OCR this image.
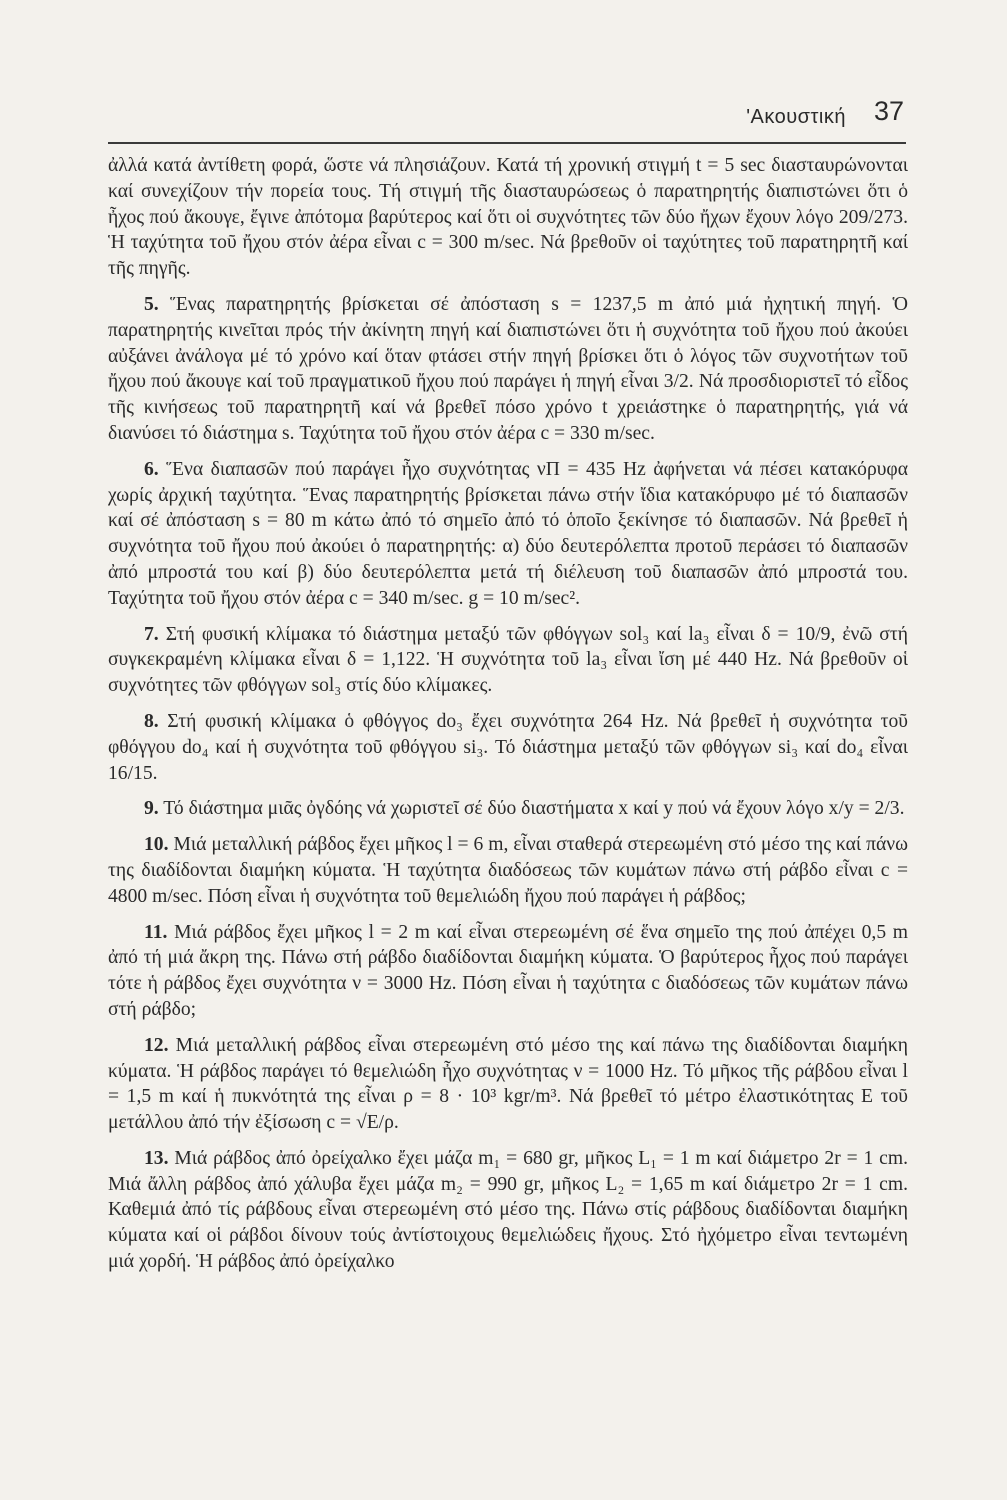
'Ακουστική 37

ἀλλά κατά ἀντίθετη φορά, ὥστε νά πλησιάζουν. Κατά τή χρονική στιγμή t = 5 sec διασταυρώνονται καί συνεχίζουν τήν πορεία τους. Τή στιγμή τῆς διασταυρώσεως ὁ παρατηρητής διαπιστώνει ὅτι ὁ ἦχος πού ἄκουγε, ἔγινε ἀπότομα βαρύτερος καί ὅτι οἱ συχνότητες τῶν δύο ἤχων ἔχουν λόγο 209/273. Ἡ ταχύτητα τοῦ ἤχου στόν ἀέρα εἶναι c = 300 m/sec. Νά βρεθοῦν οἱ ταχύτητες τοῦ παρατηρητῆ καί τῆς πηγῆς.

5. Ἕνας παρατηρητής βρίσκεται σέ ἀπόσταση s = 1237,5 m ἀπό μιά ἠχητική πηγή. Ὁ παρατηρητής κινεῖται πρός τήν ἀκίνητη πηγή καί διαπιστώνει ὅτι ἡ συχνότητα τοῦ ἤχου πού ἀκούει αὐξάνει ἀνάλογα μέ τό χρόνο καί ὅταν φτάσει στήν πηγή βρίσκει ὅτι ὁ λόγος τῶν συχνοτήτων τοῦ ἤχου πού ἄκουγε καί τοῦ πραγματικοῦ ἤχου πού παράγει ἡ πηγή εἶναι 3/2. Νά προσδιοριστεῖ τό εἶδος τῆς κινήσεως τοῦ παρατηρητῆ καί νά βρεθεῖ πόσο χρόνο t χρειάστηκε ὁ παρατηρητής, γιά νά διανύσει τό διάστημα s. Ταχύτητα τοῦ ἤχου στόν ἀέρα c = 330 m/sec.

6. Ἕνα διαπασῶν πού παράγει ἦχο συχνότητας νΠ = 435 Hz ἀφήνεται νά πέσει κατακόρυφα χωρίς ἀρχική ταχύτητα. Ἕνας παρατηρητής βρίσκεται πάνω στήν ἴδια κατακόρυφο μέ τό διαπασῶν καί σέ ἀπόσταση s = 80 m κάτω ἀπό τό σημεῖο ἀπό τό ὁποῖο ξεκίνησε τό διαπασῶν. Νά βρεθεῖ ἡ συχνότητα τοῦ ἤχου πού ἀκούει ὁ παρατηρητής: α) δύο δευτερόλεπτα προτοῦ περάσει τό διαπασῶν ἀπό μπροστά του καί β) δύο δευτερόλεπτα μετά τή διέλευση τοῦ διαπασῶν ἀπό μπροστά του. Ταχύτητα τοῦ ἤχου στόν ἀέρα c = 340 m/sec. g = 10 m/sec².

7. Στή φυσική κλίμακα τό διάστημα μεταξύ τῶν φθόγγων sol₃ καί la₃ εἶναι δ = 10/9, ἐνῶ στή συγκεκραμένη κλίμακα εἶναι δ = 1,122. Ἡ συχνότητα τοῦ la₃ εἶναι ἴση μέ 440 Hz. Νά βρεθοῦν οἱ συχνότητες τῶν φθόγγων sol₃ στίς δύο κλίμακες.

8. Στή φυσική κλίμακα ὁ φθόγγος do₃ ἔχει συχνότητα 264 Hz. Νά βρεθεῖ ἡ συχνότητα τοῦ φθόγγου do₄ καί ἡ συχνότητα τοῦ φθόγγου si₃. Τό διάστημα μεταξύ τῶν φθόγγων si₃ καί do₄ εἶναι 16/15.

9. Τό διάστημα μιᾶς ὀγδόης νά χωριστεῖ σέ δύο διαστήματα x καί y πού νά ἔχουν λόγο x/y = 2/3.

10. Μιά μεταλλική ράβδος ἔχει μῆκος l = 6 m, εἶναι σταθερά στερεωμένη στό μέσο της καί πάνω της διαδίδονται διαμήκη κύματα. Ἡ ταχύτητα διαδόσεως τῶν κυμάτων πάνω στή ράβδο εἶναι c = 4800 m/sec. Πόση εἶναι ἡ συχνότητα τοῦ θεμελιώδη ἤχου πού παράγει ἡ ράβδος;

11. Μιά ράβδος ἔχει μῆκος l = 2 m καί εἶναι στερεωμένη σέ ἕνα σημεῖο της πού ἀπέχει 0,5 m ἀπό τή μιά ἄκρη της. Πάνω στή ράβδο διαδίδονται διαμήκη κύματα. Ὁ βαρύτερος ἦχος πού παράγει τότε ἡ ράβδος ἔχει συχνότητα ν = 3000 Hz. Πόση εἶναι ἡ ταχύτητα c διαδόσεως τῶν κυμάτων πάνω στή ράβδο;

12. Μιά μεταλλική ράβδος εἶναι στερεωμένη στό μέσο της καί πάνω της διαδίδονται διαμήκη κύματα. Ἡ ράβδος παράγει τό θεμελιώδη ἦχο συχνότητας ν = 1000 Hz. Τό μῆκος τῆς ράβδου εἶναι l = 1,5 m καί ἡ πυκνότητά της εἶναι ρ = 8 · 10³ kgr/m³. Νά βρεθεῖ τό μέτρο ἐλαστικότητας Ε τοῦ μετάλλου ἀπό τήν ἐξίσωση c = √E/ρ.

13. Μιά ράβδος ἀπό ὀρείχαλκο ἔχει μάζα m₁ = 680 gr, μῆκος L₁ = 1 m καί διάμετρο 2r = 1 cm. Μιά ἄλλη ράβδος ἀπό χάλυβα ἔχει μάζα m₂ = 990 gr, μῆκος L₂ = 1,65 m καί διάμετρο 2r = 1 cm. Καθεμιά ἀπό τίς ράβδους εἶναι στερεωμένη στό μέσο της. Πάνω στίς ράβδους διαδίδονται διαμήκη κύματα καί οἱ ράβδοι δίνουν τούς ἀντίστοιχους θεμελιώδεις ἤχους. Στό ἠχόμετρο εἶναι τεντωμένη μιά χορδή. Ἡ ράβδος ἀπό ὀρείχαλκο
